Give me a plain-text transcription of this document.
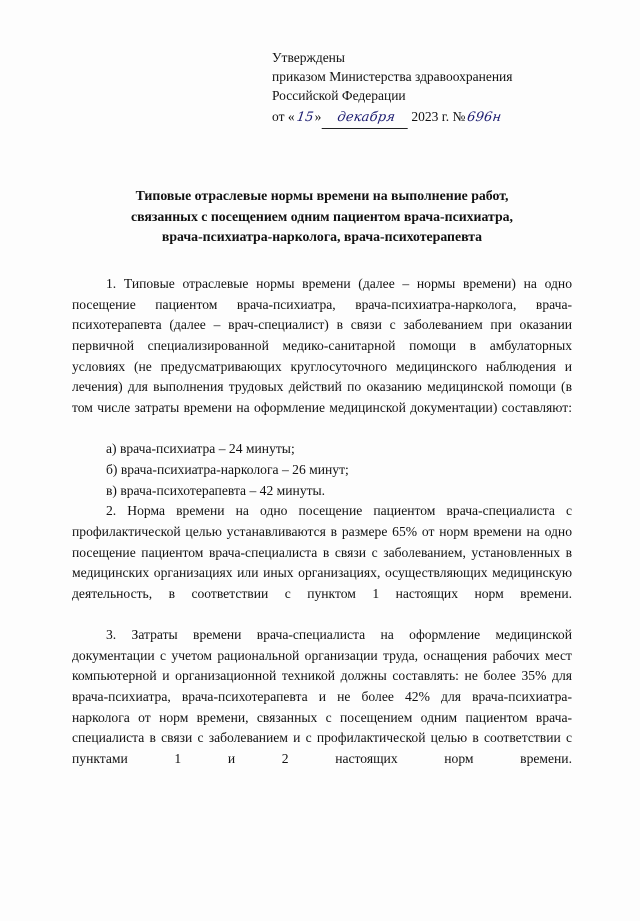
Утверждены
приказом Министерства здравоохранения
Российской Федерации
от « 15 »	декабря	2023 г. № 696н
Типовые отраслевые нормы времени на выполнение работ,
связанных с посещением одним пациентом врача-психиатра,
врача-психиатра-нарколога, врача-психотерапевта

1. Типовые отраслевые нормы времени (далее – нормы времени) на одно посещение пациентом врача-психиатра, врача-психиатра-нарколога, врача-психотерапевта (далее – врач-специалист) в связи с заболеванием при оказании первичной специализированной медико-санитарной помощи в амбулаторных условиях (не предусматривающих круглосуточного медицинского наблюдения и лечения) для выполнения трудовых действий по оказанию медицинской помощи (в том числе затраты времени на оформление медицинской документации) составляют:

а) врача-психиатра – 24 минуты;

б) врача-психиатра-нарколога – 26 минут;

в) врача-психотерапевта – 42 минуты.

2. Норма времени на одно посещение пациентом врача-специалиста с профилактической целью устанавливаются в размере 65% от норм времени на одно посещение пациентом врача-специалиста в связи с заболеванием, установленных в медицинских организациях или иных организациях, осуществляющих медицинскую деятельность, в соответствии с пунктом 1 настоящих норм времени.

3. Затраты времени врача-специалиста на оформление медицинской документации с учетом рациональной организации труда, оснащения рабочих мест компьютерной и организационной техникой должны составлять: не более 35% для врача-психиатра, врача-психотерапевта и не более 42% для врача-психиатра-нарколога от норм времени, связанных с посещением одним пациентом врача-специалиста в связи с заболеванием и с профилактической целью в соответствии с пунктами 1 и 2 настоящих норм времени.
